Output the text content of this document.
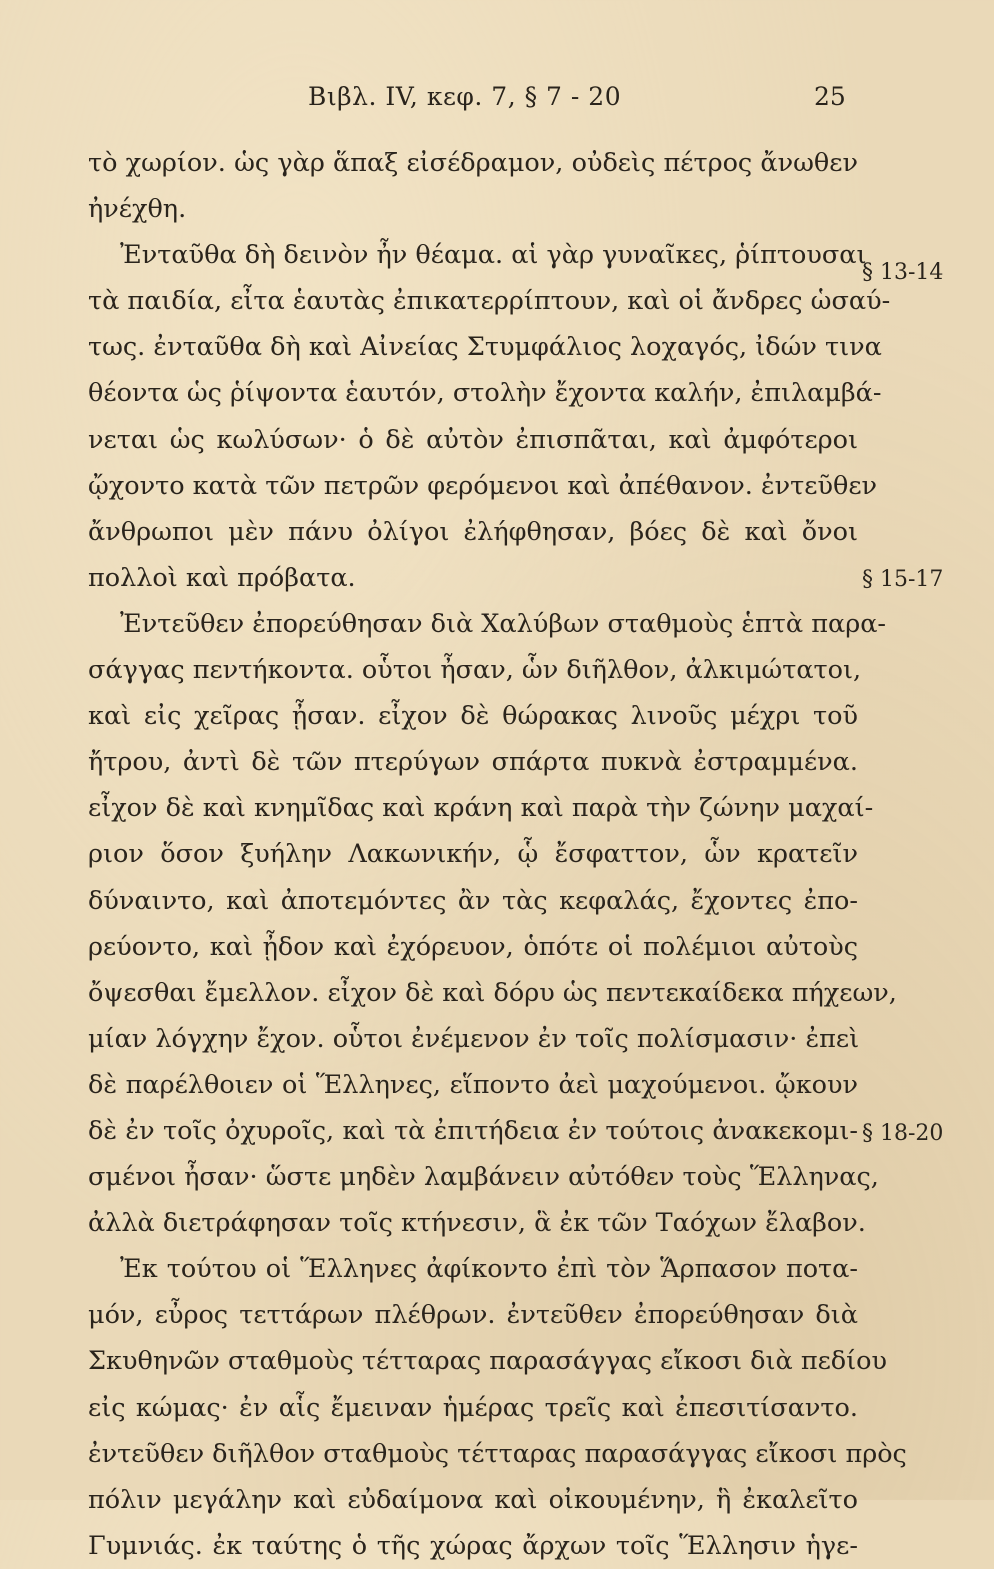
Βιβλ. IV, κεφ. 7, § 7 - 20	25
τὸ χωρίον. ὡς γὰρ ἅπαξ εἰσέδραμον, οὐδεὶς πέτρος ἄνωθεν
ἠνέχθη.
Ἐνταῦθα δὴ δεινὸν ἦν θέαμα. αἱ γὰρ γυναῖκες, ῥίπτουσαι
τὰ παιδία, εἶτα ἑαυτὰς ἐπικατερρίπτουν, καὶ οἱ ἄνδρες ὡσαύ-
τως. ἐνταῦθα δὴ καὶ Αἰνείας Στυμφάλιος λοχαγός, ἰδών τινα
θέοντα ὡς ῥίψοντα ἑαυτόν, στολὴν ἔχοντα καλήν, ἐπιλαμβά-
νεται ὡς κωλύσων· ὁ δὲ αὐτὸν ἐπισπᾶται, καὶ ἀμφότεροι
ᾤχοντο κατὰ τῶν πετρῶν φερόμενοι καὶ ἀπέθανον. ἐντεῦθεν
ἄνθρωποι μὲν πάνυ ὀλίγοι ἐλήφθησαν, βόες δὲ καὶ ὄνοι
πολλοὶ καὶ πρόβατα.
Ἐντεῦθεν ἐπορεύθησαν διὰ Χαλύβων σταθμοὺς ἑπτὰ παρα-
σάγγας πεντήκοντα. οὗτοι ἦσαν, ὧν διῆλθον, ἀλκιμώτατοι,
καὶ εἰς χεῖρας ᾖσαν. εἶχον δὲ θώρακας λινοῦς μέχρι τοῦ
ἤτρου, ἀντὶ δὲ τῶν πτερύγων σπάρτα πυκνὰ ἐστραμμένα.
εἶχον δὲ καὶ κνημῖδας καὶ κράνη καὶ παρὰ τὴν ζώνην μαχαί-
ριον ὅσον ξυήλην Λακωνικήν, ᾧ ἔσφαττον, ὧν κρατεῖν
δύναιντο, καὶ ἀποτεμόντες ἂν τὰς κεφαλάς, ἔχοντες ἐπο-
ρεύοντο, καὶ ᾖδον καὶ ἐχόρευον, ὁπότε οἱ πολέμιοι αὐτοὺς
ὄψεσθαι ἔμελλον. εἶχον δὲ καὶ δόρυ ὡς πεντεκαίδεκα πήχεων,
μίαν λόγχην ἔχον. οὗτοι ἐνέμενον ἐν τοῖς πολίσμασιν· ἐπεὶ
δὲ παρέλθοιεν οἱ Ἕλληνες, εἵποντο ἀεὶ μαχούμενοι. ᾤκουν
δὲ ἐν τοῖς ὀχυροῖς, καὶ τὰ ἐπιτήδεια ἐν τούτοις ἀνακεκομι-
σμένοι ἦσαν· ὥστε μηδὲν λαμβάνειν αὐτόθεν τοὺς Ἕλληνας,
ἀλλὰ διετράφησαν τοῖς κτήνεσιν, ἃ ἐκ τῶν Ταόχων ἔλαβον.
Ἐκ τούτου οἱ Ἕλληνες ἀφίκοντο ἐπὶ τὸν Ἅρπασον ποτα-
μόν, εὖρος τεττάρων πλέθρων. ἐντεῦθεν ἐπορεύθησαν διὰ
Σκυθηνῶν σταθμοὺς τέτταρας παρασάγγας εἴκοσι διὰ πεδίου
εἰς κώμας· ἐν αἷς ἔμειναν ἡμέρας τρεῖς καὶ ἐπεσιτίσαντο.
ἐντεῦθεν διῆλθον σταθμοὺς τέτταρας παρασάγγας εἴκοσι πρὸς
πόλιν μεγάλην καὶ εὐδαίμονα καὶ οἰκουμένην, ἣ ἐκαλεῖτο
Γυμνιάς. ἐκ ταύτης ὁ τῆς χώρας ἄρχων τοῖς Ἕλλησιν ἡγε-
§ 13-14
§ 15-17
§ 18-20
